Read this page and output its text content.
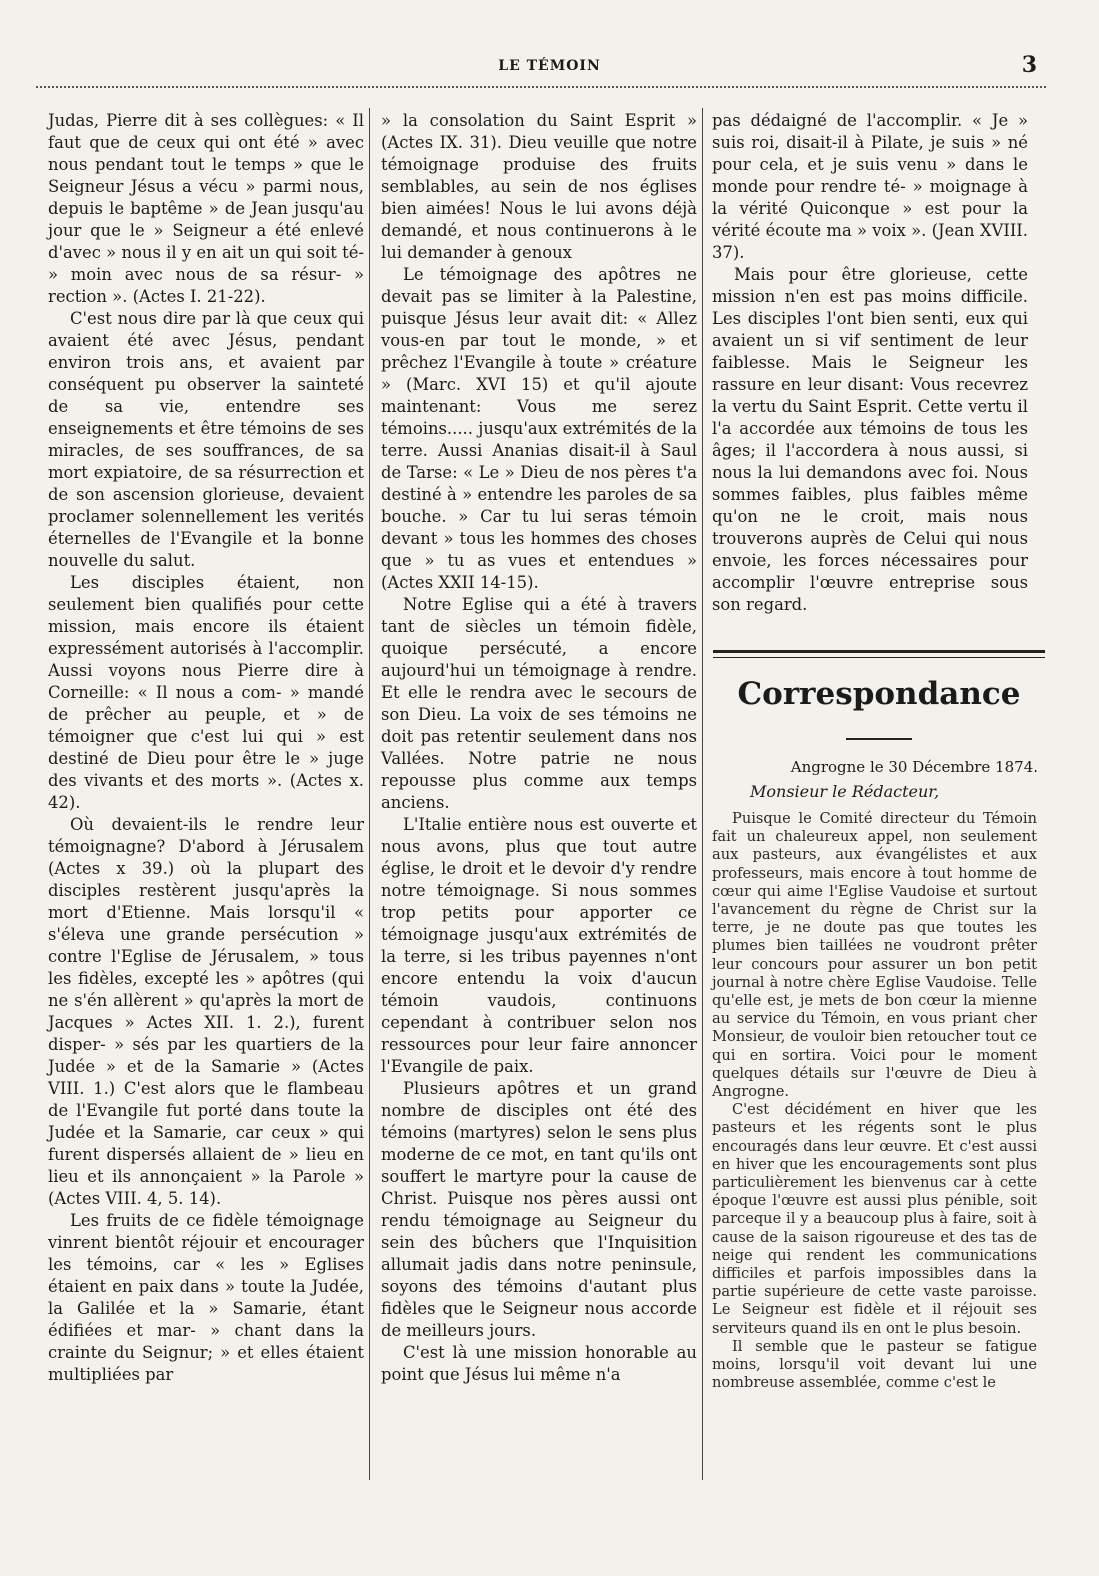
LE TÉMOIN	3

Judas, Pierre dit à ses collègues: « Il faut que de ceux qui ont été » avec nous pendant tout le temps » que le Seigneur Jésus a vécu » parmi nous, depuis le baptême » de Jean jusqu'au jour que le » Seigneur a été enlevé d'avec » nous il y en ait un qui soit té- » moin avec nous de sa résur- » rection ». (Actes I. 21-22).

C'est nous dire par là que ceux qui avaient été avec Jésus, pendant environ trois ans, et avaient par conséquent pu observer la sainteté de sa vie, entendre ses enseignements et être témoins de ses miracles, de ses souffrances, de sa mort expiatoire, de sa résurrection et de son ascension glorieuse, devaient proclamer solennellement les verités éternelles de l'Evangile et la bonne nouvelle du salut.

Les disciples étaient, non seulement bien qualifiés pour cette mission, mais encore ils étaient expressément autorisés à l'accomplir. Aussi voyons nous Pierre dire à Corneille: « Il nous a com- » mandé de prêcher au peuple, et » de témoigner que c'est lui qui » est destiné de Dieu pour être le » juge des vivants et des morts ». (Actes x. 42).

Où devaient-ils le rendre leur témoignagne? D'abord à Jérusalem (Actes x 39.) où la plupart des disciples restèrent jusqu'après la mort d'Etienne. Mais lorsqu'il « s'éleva une grande persécution » contre l'Eglise de Jérusalem, » tous les fidèles, excepté les » apôtres (qui ne s'én allèrent » qu'après la mort de Jacques » Actes XII. 1. 2.), furent disper- » sés par les quartiers de la Judée » et de la Samarie » (Actes VIII. 1.) C'est alors que le flambeau de l'Evangile fut porté dans toute la Judée et la Samarie, car ceux » qui furent dispersés allaient de » lieu en lieu et ils annonçaient » la Parole » (Actes VIII. 4, 5. 14).

Les fruits de ce fidèle témoignage vinrent bientôt réjouir et encourager les témoins, car « les » Eglises étaient en paix dans » toute la Judée, la Galilée et la » Samarie, étant édifiées et mar- » chant dans la crainte du Seignur; » et elles étaient multipliées par

» la consolation du Saint Esprit » (Actes IX. 31). Dieu veuille que notre témoignage produise des fruits semblables, au sein de nos églises bien aimées! Nous le lui avons déjà demandé, et nous continuerons à le lui demander à genoux

Le témoignage des apôtres ne devait pas se limiter à la Palestine, puisque Jésus leur avait dit: « Allez vous-en par tout le monde, » et prêchez l'Evangile à toute » créature » (Marc. XVI 15) et qu'il ajoute maintenant: Vous me serez témoins..... jusqu'aux extrémités de la terre. Aussi Ananias disait-il à Saul de Tarse: « Le » Dieu de nos pères t'a destiné à » entendre les paroles de sa bouche. » Car tu lui seras témoin devant » tous les hommes des choses que » tu as vues et entendues » (Actes XXII 14-15).

Notre Eglise qui a été à travers tant de siècles un témoin fidèle, quoique persécuté, a encore aujourd'hui un témoignage à rendre. Et elle le rendra avec le secours de son Dieu. La voix de ses témoins ne doit pas retentir seulement dans nos Vallées. Notre patrie ne nous repousse plus comme aux temps anciens.

L'Italie entière nous est ouverte et nous avons, plus que tout autre église, le droit et le devoir d'y rendre notre témoignage. Si nous sommes trop petits pour apporter ce témoignage jusqu'aux extrémités de la terre, si les tribus payennes n'ont encore entendu la voix d'aucun témoin vaudois, continuons cependant à contribuer selon nos ressources pour leur faire annoncer l'Evangile de paix.

Plusieurs apôtres et un grand nombre de disciples ont été des témoins (martyres) selon le sens plus moderne de ce mot, en tant qu'ils ont souffert le martyre pour la cause de Christ. Puisque nos pères aussi ont rendu témoignage au Seigneur du sein des bûchers que l'Inquisition allumait jadis dans notre peninsule, soyons des témoins d'autant plus fidèles que le Seigneur nous accorde de meilleurs jours.

C'est là une mission honorable au point que Jésus lui même n'a

pas dédaigné de l'accomplir. « Je » suis roi, disait-il à Pilate, je suis » né pour cela, et je suis venu » dans le monde pour rendre té- » moignage à la vérité Quiconque » est pour la vérité écoute ma » voix ». (Jean XVIII. 37).

Mais pour être glorieuse, cette mission n'en est pas moins difficile. Les disciples l'ont bien senti, eux qui avaient un si vif sentiment de leur faiblesse. Mais le Seigneur les rassure en leur disant: Vous recevrez la vertu du Saint Esprit. Cette vertu il l'a accordée aux témoins de tous les âges; il l'accordera à nous aussi, si nous la lui demandons avec foi. Nous sommes faibles, plus faibles même qu'on ne le croit, mais nous trouverons auprès de Celui qui nous envoie, les forces nécessaires pour accomplir l'œuvre entreprise sous son regard.

Correspondance
Angrogne le 30 Décembre 1874.
Monsieur le Rédacteur,

Puisque le Comité directeur du Témoin fait un chaleureux appel, non seulement aux pasteurs, aux évangélistes et aux professeurs, mais encore à tout homme de cœur qui aime l'Eglise Vaudoise et surtout l'avancement du règne de Christ sur la terre, je ne doute pas que toutes les plumes bien taillées ne voudront prêter leur concours pour assurer un bon petit journal à notre chère Eglise Vaudoise. Telle qu'elle est, je mets de bon cœur la mienne au service du Témoin, en vous priant cher Monsieur, de vouloir bien retoucher tout ce qui en sortira. Voici pour le moment quelques détails sur l'œuvre de Dieu à Angrogne.

C'est décidément en hiver que les pasteurs et les régents sont le plus encouragés dans leur œuvre. Et c'est aussi en hiver que les encouragements sont plus particulièrement les bienvenus car à cette époque l'œuvre est aussi plus pénible, soit parceque il y a beaucoup plus à faire, soit à cause de la saison rigoureuse et des tas de neige qui rendent les communications difficiles et parfois impossibles dans la partie supérieure de cette vaste paroisse. Le Seigneur est fidèle et il réjouit ses serviteurs quand ils en ont le plus besoin.

Il semble que le pasteur se fatigue moins, lorsqu'il voit devant lui une nombreuse assemblée, comme c'est le
